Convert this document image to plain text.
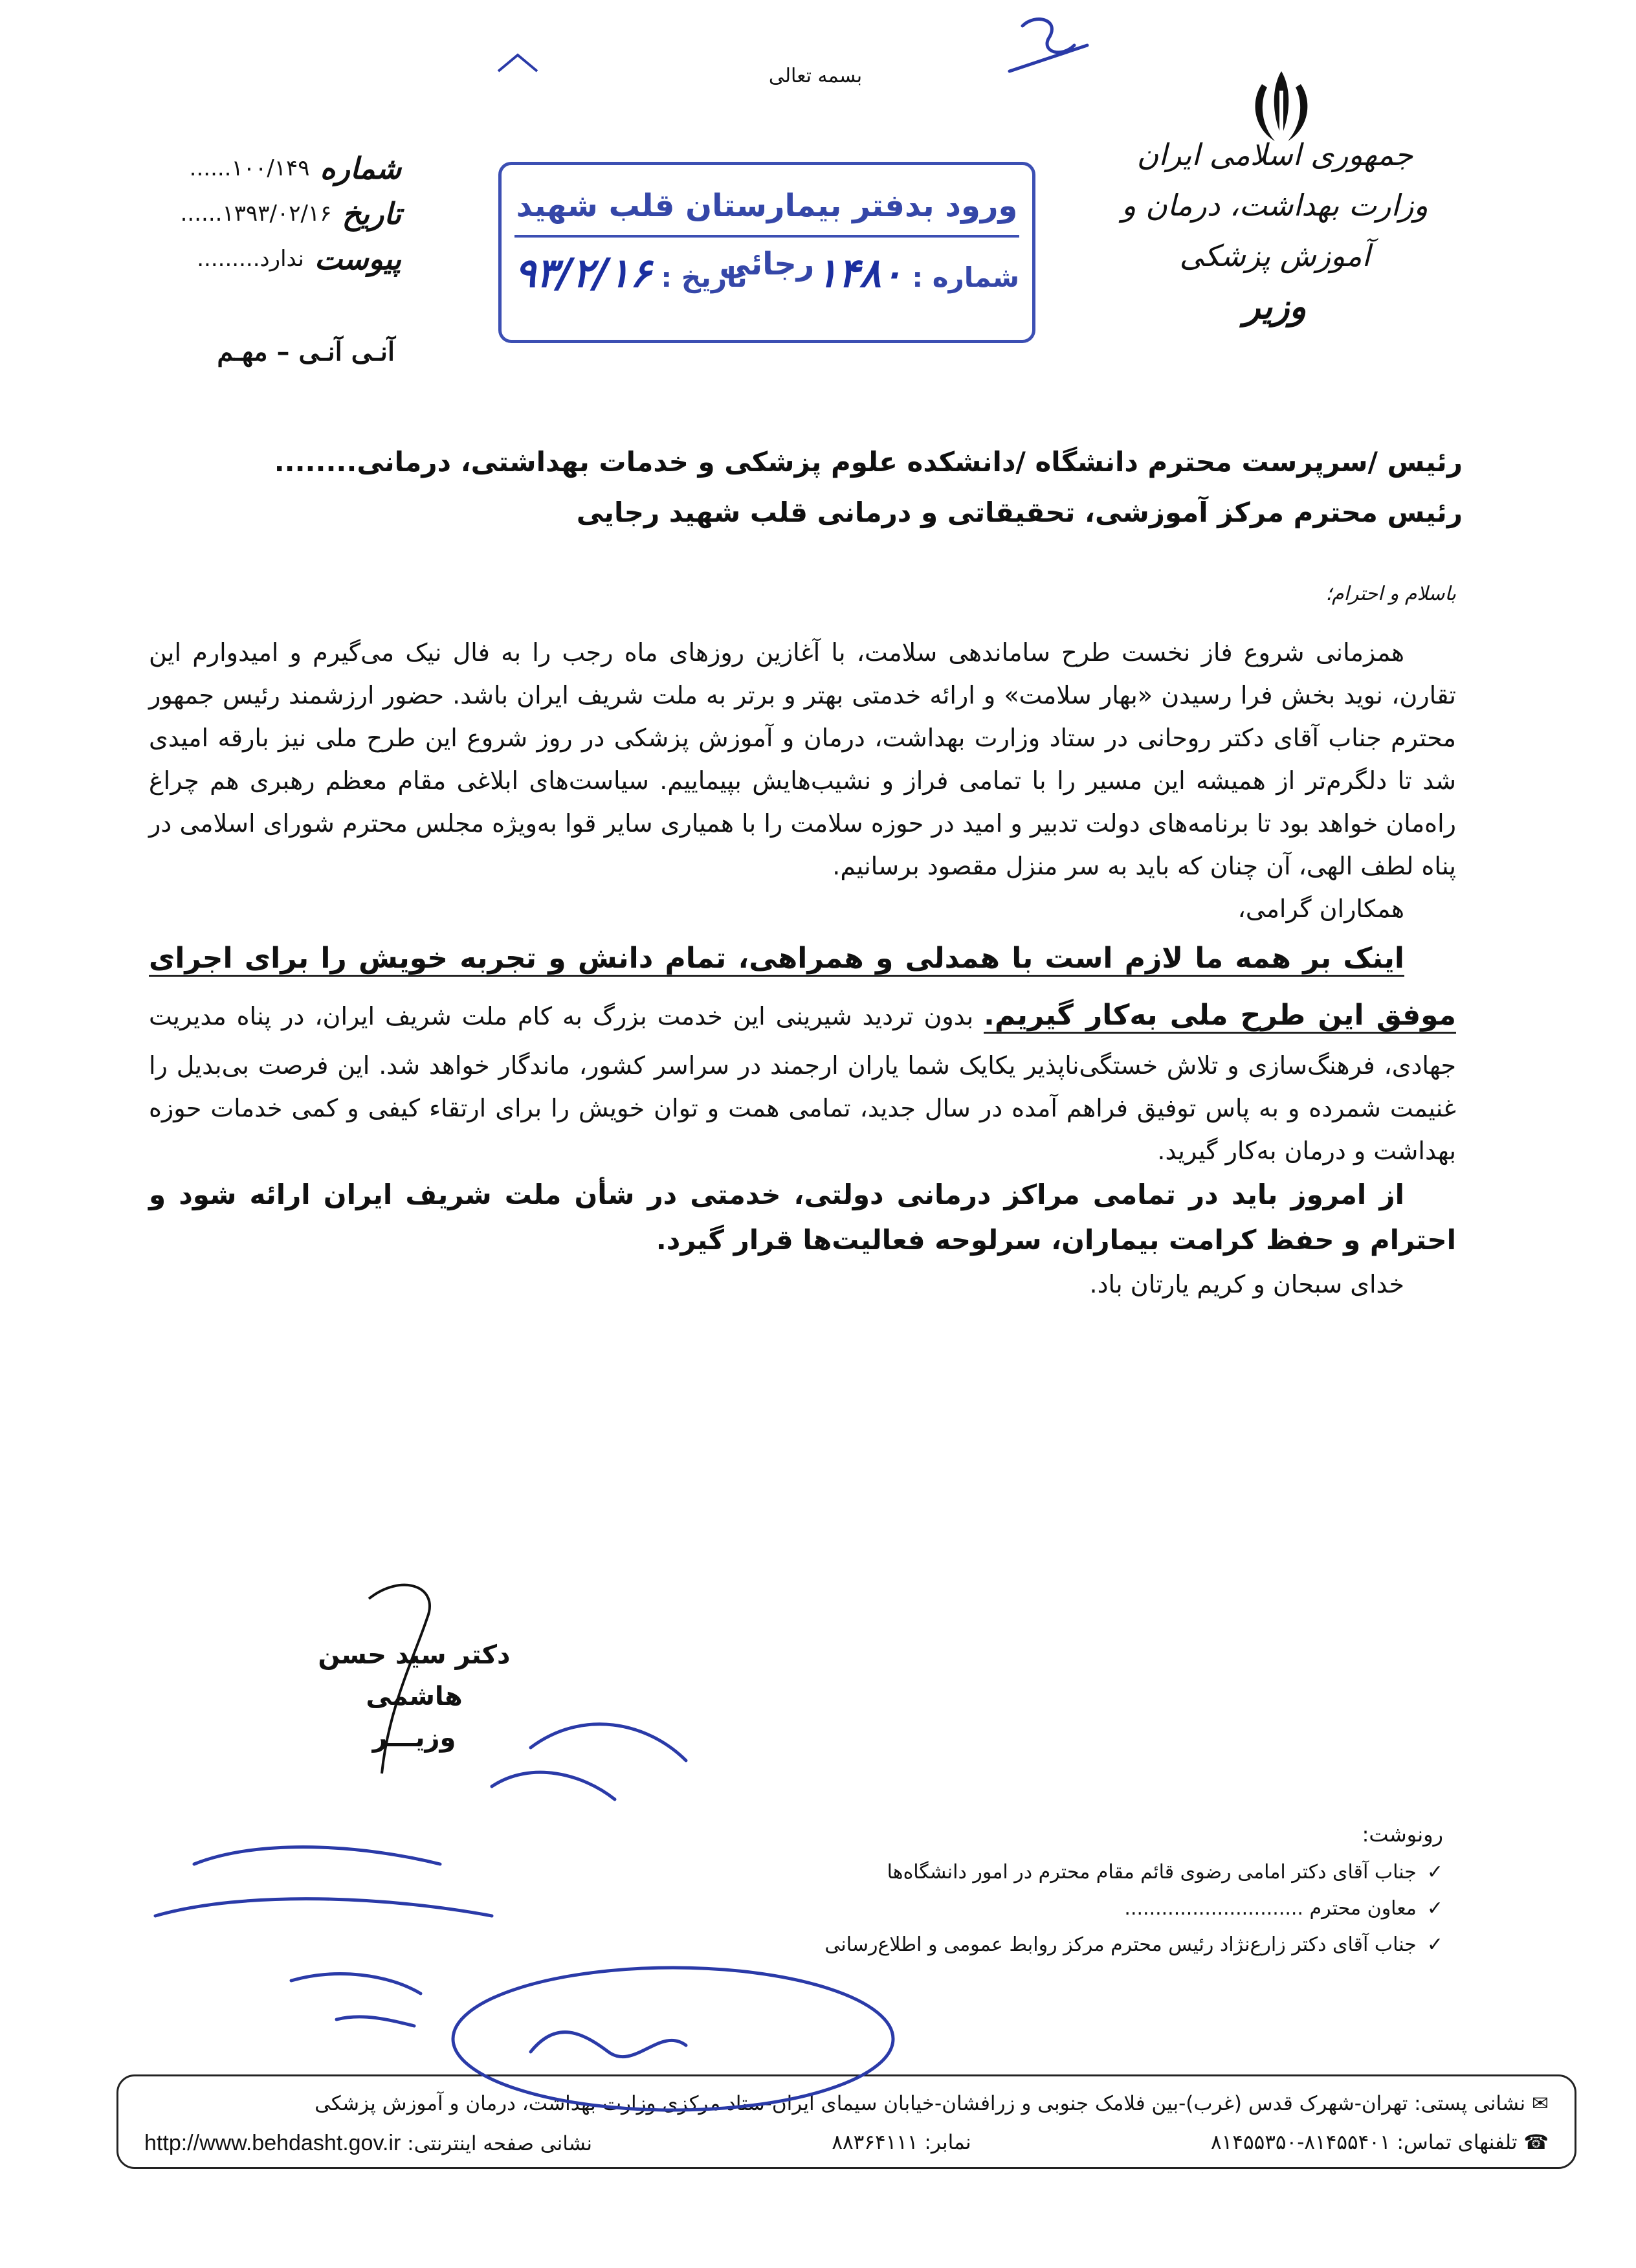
بسمه تعالی
جمهوری اسلامی ایران
وزارت بهداشت، درمان و آموزش پزشکی
وزیر
شماره
۱۰۰/۱۴۹......
تاریخ
۱۳۹۳/۰۲/۱۶......
پیوست
ندارد.........
آنـی آنـی – مهـم
ورود بدفتر بیمارستان قلب شهید رجائی	شماره : ۱۴۸۰
تاریخ : ۹۳/۲/۱۶
رئیس /سرپرست محترم دانشگاه /دانشکده علوم پزشکی و خدمات بهداشتی، درمانی........
رئیس محترم مرکز آموزشی، تحقیقاتی و درمانی قلب شهید رجایی
باسلام و احترام؛

همزمانی شروع فاز نخست طرح ساماندهی سلامت، با آغازین روزهای ماه رجب را به فال نیک می‌گیرم و امیدوارم این تقارن، نوید بخش فرا رسیدن «بهار سلامت» و ارائه خدمتی بهتر و برتر به ملت شریف ایران باشد. حضور ارزشمند رئیس جمهور محترم جناب آقای دکتر روحانی در ستاد وزارت بهداشت، درمان و آموزش پزشکی در روز شروع این طرح ملی نیز بارقه امیدی شد تا دلگرم‌تر از همیشه این مسیر را با تمامی فراز و نشیب‌هایش بپیماییم. سیاست‌های ابلاغی مقام معظم رهبری هم چراغ راه‌مان خواهد بود تا برنامه‌های دولت تدبیر و امید در حوزه سلامت را با همیاری سایر قوا به‌ویژه مجلس محترم شورای اسلامی در پناه لطف الهی، آن چنان که باید به سر منزل مقصود برسانیم.

همکاران گرامی،

اینک بر همه ما لازم است با همدلی و همراهی، تمام دانش و تجربه خویش را برای اجرای موفق این طرح ملی به‌کار گیریم. بدون تردید شیرینی این خدمت بزرگ به کام ملت شریف ایران، در پناه مدیریت جهادی، فرهنگ‌سازی و تلاش خستگی‌ناپذیر یکایک شما یاران ارجمند در سراسر کشور، ماندگار خواهد شد. این فرصت بی‌بدیل را غنیمت شمرده و به پاس توفیق فراهم آمده در سال جدید، تمامی همت و توان خویش را برای ارتقاء کیفی و کمی خدمات حوزه بهداشت و درمان به‌کار گیرید.

از امروز باید در تمامی مراکز درمانی دولتی، خدمتی در شأن ملت شریف ایران ارائه شود و احترام و حفظ کرامت بیماران، سرلوحه فعالیت‌ها قرار گیرد.

خدای سبحان و کریم یارتان باد.

دکتر سید حسن هاشمی
وزیـــر
رونوشت:
✓ جناب آقای دکتر امامی رضوی قائم مقام محترم در امور دانشگاه‌ها
✓ معاون محترم .............................
✓ جناب آقای دکتر زارع‌نژاد رئیس محترم مرکز روابط عمومی و اطلاع‌رسانی
✉ نشانی پستی: تهران-شهرک قدس (غرب)-بین فلامک جنوبی و زرافشان-خیابان سیمای ایران-ستاد مرکزی وزارت بهداشت، درمان و آموزش پزشکی
☎ تلفنهای تماس: ۸۱۴۵۵۴۰۱-۸۱۴۵۵۳۵۰
نمابر: ۸۸۳۶۴۱۱۱
نشانی صفحه اینترنتی: http://www.behdasht.gov.ir
